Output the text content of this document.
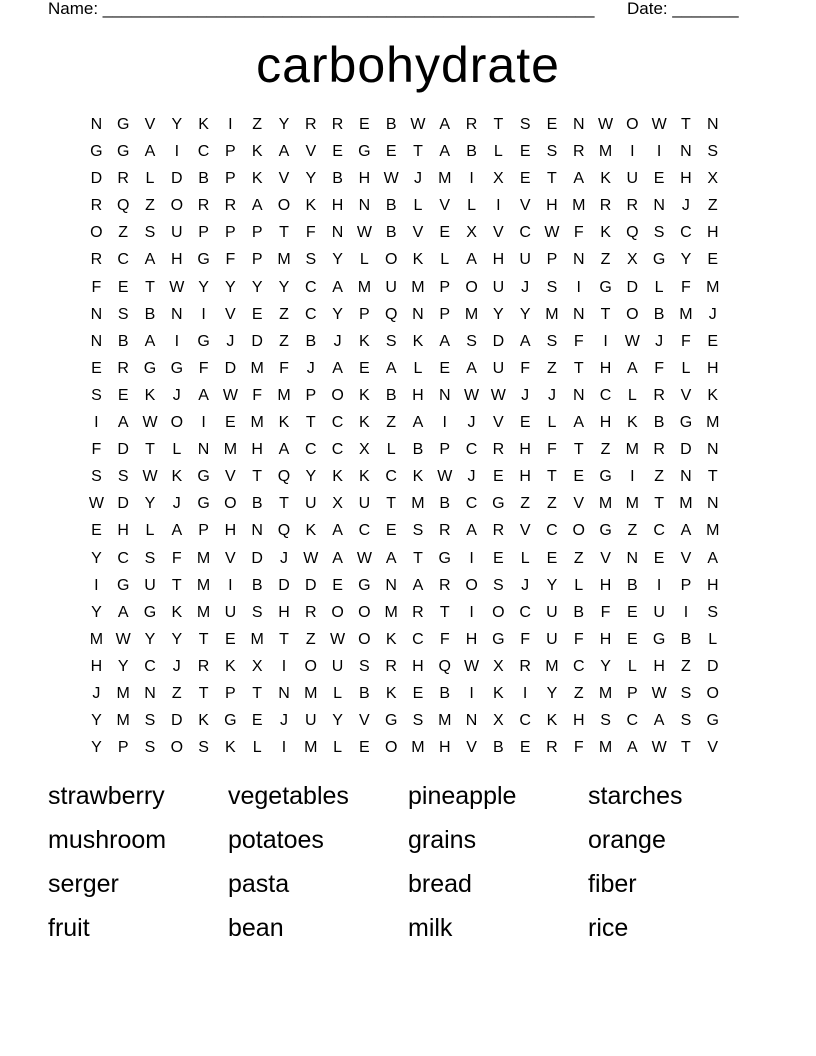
Name: ____________________________________________________ Date: _______
carbohydrate
N G V	Y	K	I	Z	Y R R E	B W A R	T	S	E N W O W T	N
G G A	I	C P	K	A	V	E G E	T	A	B	L	E	S R M	I	I	N S
D R	L	D B	P	K	V	Y	B H W J	M	I	X	E	T	A	K U E H X
R Q Z O R R A O K H N B	L	V	L	I	V H M R R N	J	Z
O Z	S U P	P	P	T	F	N W B	V	E	X	V C W F	K Q S C H
R C A H G F	P M S	Y	L	O K	L	A H U P N	Z	X G Y	E
F	E	T W Y	Y	Y	Y C A M U M P O U	J	S	I	G D	L	F M
N S	B N	I	V	E	Z	C Y	P Q N P M Y	Y M N	T O B M	J
N B	A	I	G	J	D	Z	B	J	K	S	K	A	S D A	S	F	I	W J	F	E
E R G G F	D M F	J	A	E	A	L	E	A U	F	Z	T	H A	F	L	H
S	E	K	J	A W F M P O K	B H N W W J	J	N C	L	R V	K
I	A W O	I	E M K	T	C K	Z	A	I	J	V	E	L	A H K	B G M
F	D	T	L	N M H A C C X	L	B	P C R H	F	T	Z M R D N
S	S W K G V	T Q Y	K	K C K W J	E H	T	E G	I	Z	N	T
W D Y	J	G O B	T	U X U	T M B C G Z	Z	V M M T M N
E H	L	A	P H N Q K	A C E	S R A R V C O G Z	C A M
Y C S	F M V D	J W A W A	T G	I	E	L	E	Z	V N E	V	A
I	G U	T M	I	B D D E G N A R O S	J	Y	L	H B	I	P H
Y	A G K M U S H R O O M R	T	I	O C U B	F	E U	I	S
M W Y	Y	T	E M T	Z W O K C	F	H G F	U	F	H E G B	L
H Y C	J	R K	X	I	O U S R H Q W X R M C Y	L	H	Z	D
J	M N	Z	T	P	T	N M L	B	K	E	B	I	K	I	Y	Z M P W S O
Y M S D K G E	J	U Y	V G S M N X C K H S C A	S G
Y	P	S O S	K	L	I	M L	E O M H V	B	E R	F M A W T	V
strawberry	vegetables	pineapple	starches
mushroom	potatoes	grains	orange
serger	pasta	bread	fiber
fruit	bean	milk	rice
